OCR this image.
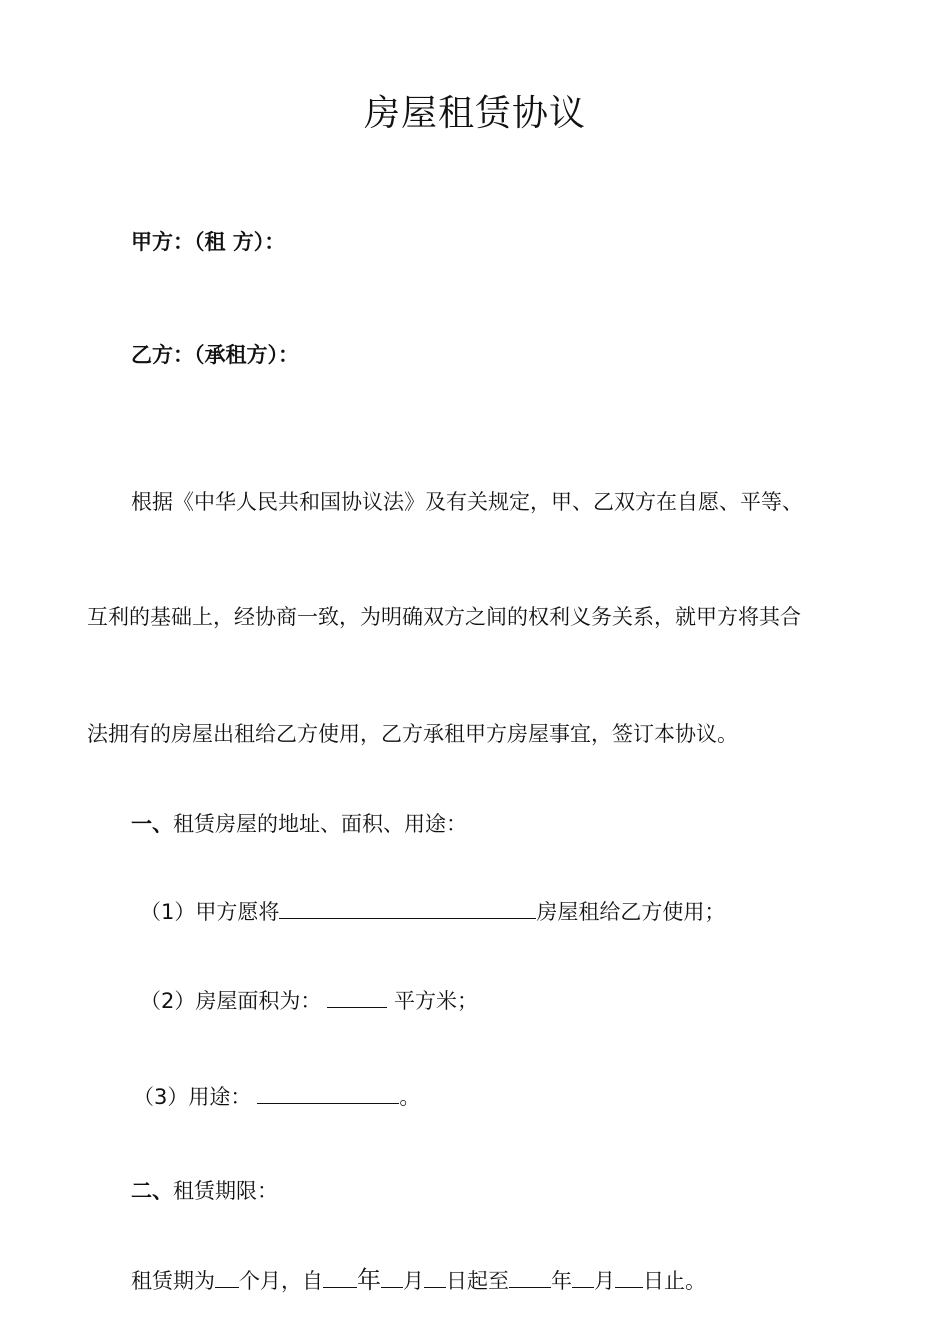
房屋租赁协议
甲方：（租 方）：
乙方：（承租方）：
根据《中华人民共和国协议法》及有关规定，甲、乙双方在自愿、平等、
互利的基础上，经协商一致，为明确双方之间的权利义务关系，就甲方将其合
法拥有的房屋出租给乙方使用，乙方承租甲方房屋事宜，签订本协议。
一、租赁房屋的地址、面积、用途：
（1）甲方愿将	房屋租给乙方使用；
（2）房屋面积为：	平方米；
（3）用途：	。
二、租赁期限：
租赁期为 个月，自 年 月 日起至 年 月 日止。
